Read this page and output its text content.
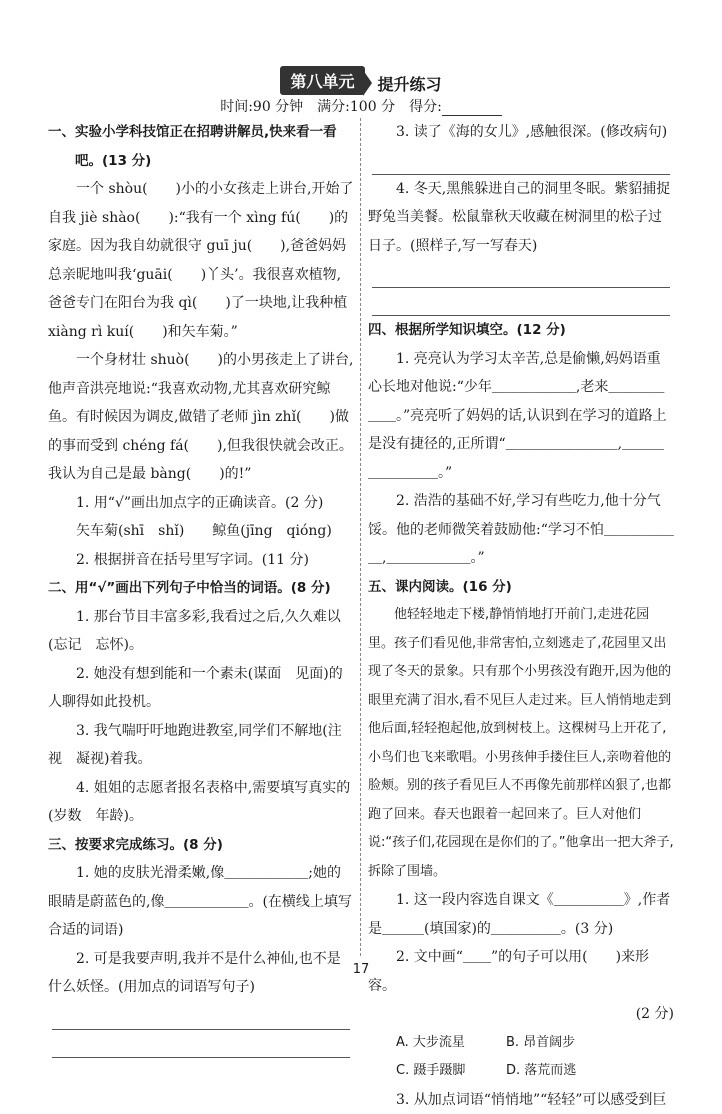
第八单元 提升练习
时间:90 分钟　满分:100 分　得分:

一、实验小学科技馆正在招聘讲解员,快来看一看

吧。(13 分)

一个 shòu(　　)小的小女孩走上讲台,开始了自我 jiè shào(　　):“我有一个 xìng fú(　　)的家庭。因为我自幼就很守 guī ju(　　),爸爸妈妈总亲昵地叫我‘guāi(　　)丫头’。我很喜欢植物,爸爸专门在阳台为我 qì(　　)了一块地,让我种植 xiàng rì kuí(　　)和矢车菊。”

一个身材壮 shuò(　　)的小男孩走上了讲台,他声音洪亮地说:“我喜欢动物,尤其喜欢研究鲸鱼。有时候因为调皮,做错了老师 jìn zhǐ(　　)做的事而受到 chéng fá(　　),但我很快就会改正。我认为自己是最 bàng(　　)的!”

1. 用“√”画出加点字的正确读音。(2 分)

矢车菊(shī　shǐ)　　鲸鱼(jīng　qióng)

2. 根据拼音在括号里写字词。(11 分)

二、用“√”画出下列句子中恰当的词语。(8 分)

1. 那台节目丰富多彩,我看过之后,久久难以(忘记　忘怀)。

2. 她没有想到能和一个素未(谋面　见面)的人聊得如此投机。

3. 我气喘吁吁地跑进教室,同学们不解地(注视　凝视)着我。

4. 姐姐的志愿者报名表格中,需要填写真实的(岁数　年龄)。

三、按要求完成练习。(8 分)

1. 她的皮肤光滑柔嫩,像＿＿＿＿＿＿;她的眼睛是蔚蓝色的,像＿＿＿＿＿＿。(在横线上填写合适的词语)

2. 可是我要声明,我并不是什么神仙,也不是什么妖怪。(用加点的词语写句子)

3. 读了《海的女儿》,感触很深。(修改病句)

4. 冬天,黑熊躲进自己的洞里冬眠。紫貂捕捉野兔当美餐。松鼠靠秋天收藏在树洞里的松子过日子。(照样子,写一写春天)

四、根据所学知识填空。(12 分)

1. 亮亮认为学习太辛苦,总是偷懒,妈妈语重心长地对他说:“少年＿＿＿＿＿＿,老来＿＿＿＿＿＿。”亮亮听了妈妈的话,认识到在学习的道路上是没有捷径的,正所谓“＿＿＿＿＿＿＿＿,＿＿＿＿＿＿＿＿。”

2. 浩浩的基础不好,学习有些吃力,他十分气馁。他的老师微笑着鼓励他:“学习不怕＿＿＿＿＿＿,＿＿＿＿＿＿。”

五、课内阅读。(16 分)

他轻轻地走下楼,静悄悄地打开前门,走进花园里。孩子们看见他,非常害怕,立刻逃走了,花园里又出现了冬天的景象。只有那个小男孩没有跑开,因为他的眼里充满了泪水,看不见巨人走过来。巨人悄悄地走到他后面,轻轻抱起他,放到树枝上。这棵树马上开花了,小鸟们也飞来歌唱。小男孩伸手搂住巨人,亲吻着他的脸颊。别的孩子看见巨人不再像先前那样凶狠了,也都跑了回来。春天也跟着一起回来了。巨人对他们说:“孩子们,花园现在是你们的了。”他拿出一把大斧子,拆除了围墙。

1. 这一段内容选自课文《＿＿＿＿＿》,作者是＿＿＿(填国家)的＿＿＿＿＿。(3 分)

2. 文中画“＿＿”的句子可以用(　　)来形容。

(2 分)

A. 大步流星	B. 昂首阔步
C. 蹑手蹑脚	D. 落荒而逃

3. 从加点词语“悄悄地”“轻轻”可以感受到巨

17
